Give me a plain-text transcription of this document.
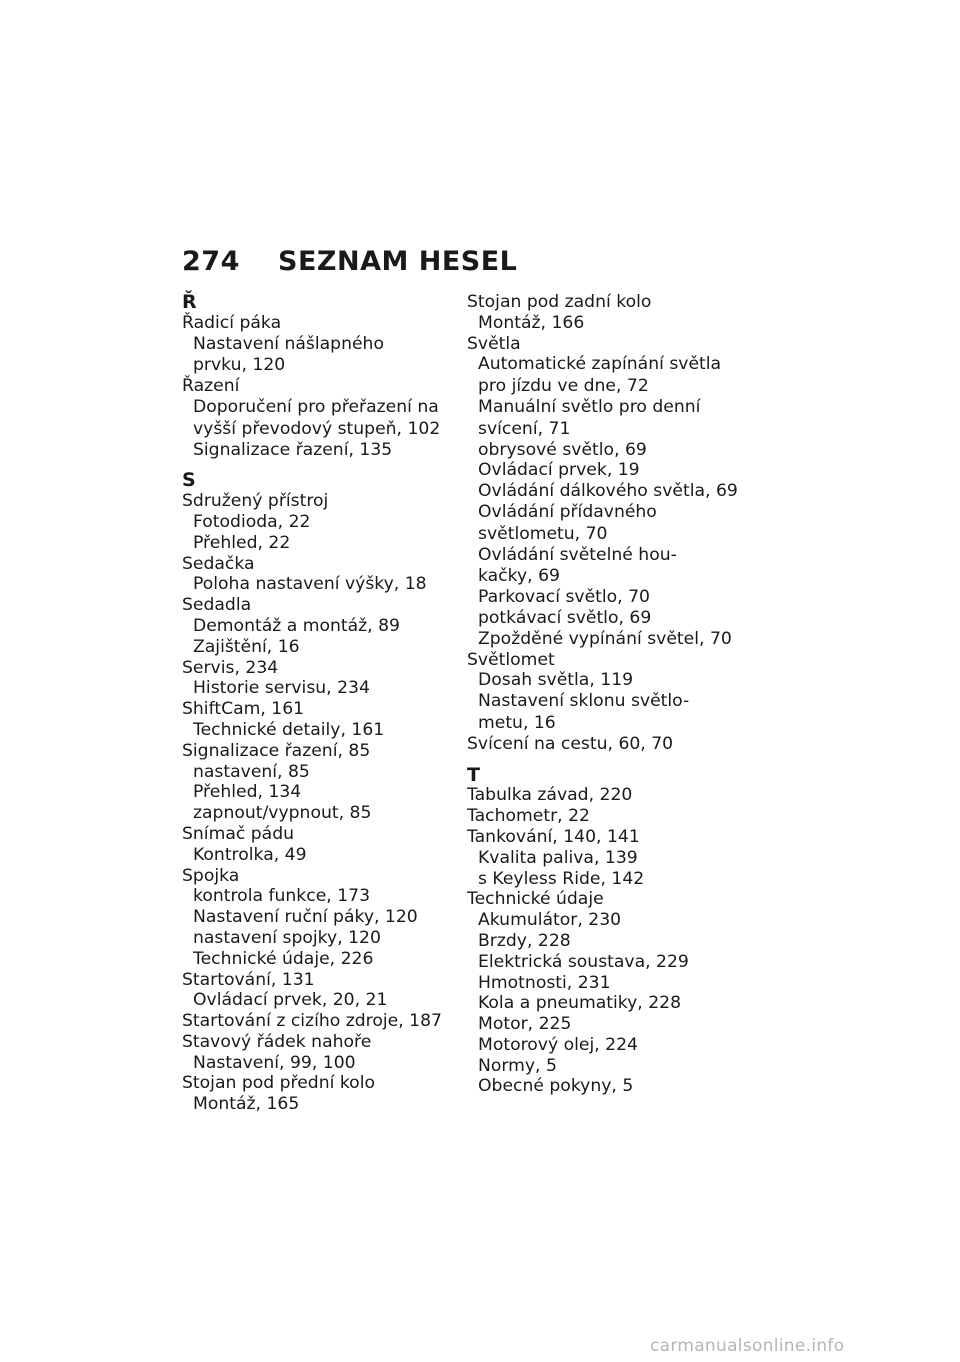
274 SEZNAM HESEL
Ř
Řadicí páka
Nastavení nášlapného
prvku, 120
Řazení
Doporučení pro přeřazení na
vyšší převodový stupeň, 102
Signalizace řazení, 135
S
Sdružený přístroj
Fotodioda, 22
Přehled, 22
Sedačka
Poloha nastavení výšky, 18
Sedadla
Demontáž a montáž, 89
Zajištění, 16
Servis, 234
Historie servisu, 234
ShiftCam, 161
Technické detaily, 161
Signalizace řazení, 85
nastavení, 85
Přehled, 134
zapnout/vypnout, 85
Snímač pádu
Kontrolka, 49
Spojka
kontrola funkce, 173
Nastavení ruční páky, 120
nastavení spojky, 120
Technické údaje, 226
Startování, 131
Ovládací prvek, 20, 21
Startování z cizího zdroje, 187
Stavový řádek nahoře
Nastavení, 99, 100
Stojan pod přední kolo
Montáž, 165
Stojan pod zadní kolo
Montáž, 166
Světla
Automatické zapínání světla
pro jízdu ve dne, 72
Manuální světlo pro denní
svícení, 71
obrysové světlo, 69
Ovládací prvek, 19
Ovládání dálkového světla, 69
Ovládání přídavného
světlometu, 70
Ovládání světelné hou-
kačky, 69
Parkovací světlo, 70
potkávací světlo, 69
Zpožděné vypínání světel, 70
Světlomet
Dosah světla, 119
Nastavení sklonu světlo-
metu, 16
Svícení na cestu, 60, 70
T
Tabulka závad, 220
Tachometr, 22
Tankování, 140, 141
Kvalita paliva, 139
s Keyless Ride, 142
Technické údaje
Akumulátor, 230
Brzdy, 228
Elektrická soustava, 229
Hmotnosti, 231
Kola a pneumatiky, 228
Motor, 225
Motorový olej, 224
Normy, 5
Obecné pokyny, 5
carmanualsonline.info
